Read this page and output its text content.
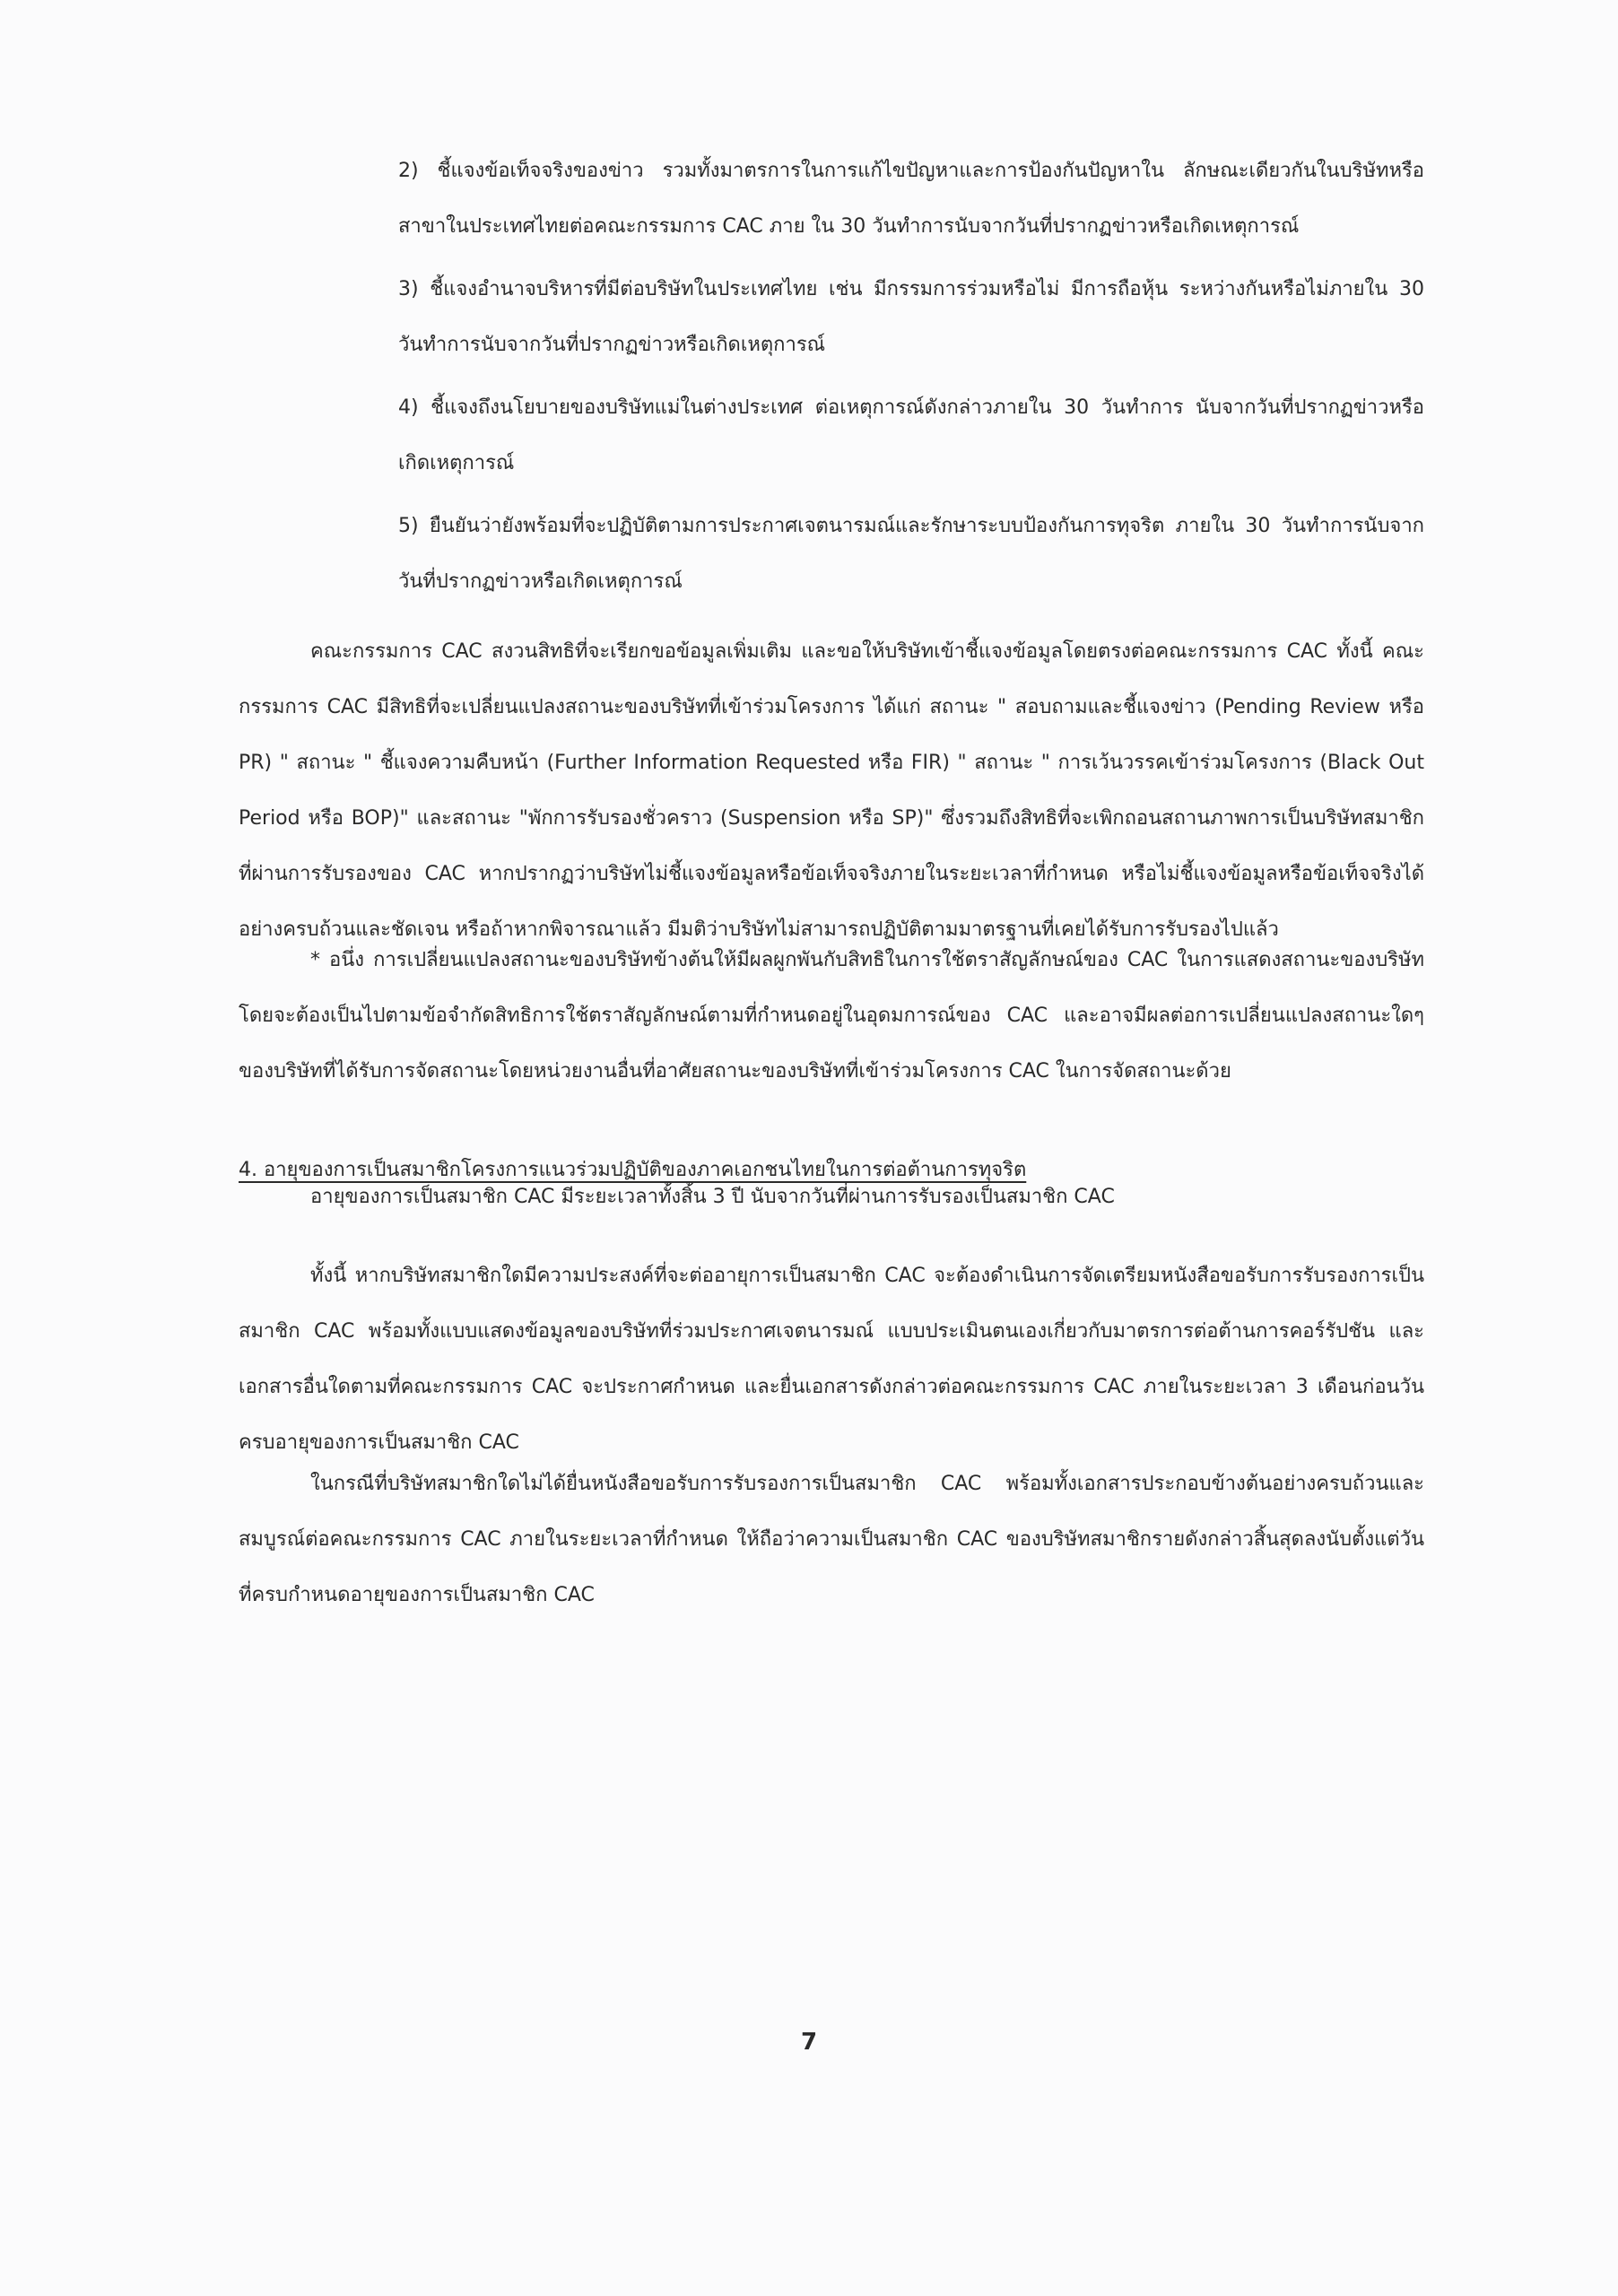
2) ชี้แจงข้อเท็จจริงของข่าว รวมทั้งมาตรการในการแก้ไขปัญหาและการป้องกันปัญหาใน ลักษณะเดียวกันในบริษัทหรือสาขาในประเทศไทยต่อคณะกรรมการ CAC ภาย ใน 30 วันทำการนับจากวันที่ปรากฏข่าวหรือเกิดเหตุการณ์

3) ชี้แจงอำนาจบริหารที่มีต่อบริษัทในประเทศไทย เช่น มีกรรมการร่วมหรือไม่ มีการถือหุ้น ระหว่างกันหรือไม่ภายใน 30 วันทำการนับจากวันที่ปรากฏข่าวหรือเกิดเหตุการณ์

4) ชี้แจงถึงนโยบายของบริษัทแม่ในต่างประเทศ ต่อเหตุการณ์ดังกล่าวภายใน 30 วันทำการ นับจากวันที่ปรากฏข่าวหรือเกิดเหตุการณ์

5) ยืนยันว่ายังพร้อมที่จะปฏิบัติตามการประกาศเจตนารมณ์และรักษาระบบป้องกันการทุจริต ภายใน 30 วันทำการนับจากวันที่ปรากฏข่าวหรือเกิดเหตุการณ์

คณะกรรมการ CAC สงวนสิทธิที่จะเรียกขอข้อมูลเพิ่มเติม และขอให้บริษัทเข้าชี้แจงข้อมูลโดยตรงต่อคณะกรรมการ CAC ทั้งนี้ คณะกรรมการ CAC มีสิทธิที่จะเปลี่ยนแปลงสถานะของบริษัทที่เข้าร่วมโครงการ ได้แก่ สถานะ " สอบถามและชี้แจงข่าว (Pending Review หรือ PR) " สถานะ " ชี้แจงความคืบหน้า (Further Information Requested หรือ FIR) " สถานะ " การเว้นวรรคเข้าร่วมโครงการ (Black Out Period หรือ BOP)" และสถานะ "พักการรับรองชั่วคราว (Suspension หรือ SP)" ซึ่งรวมถึงสิทธิที่จะเพิกถอนสถานภาพการเป็นบริษัทสมาชิกที่ผ่านการรับรองของ CAC หากปรากฏว่าบริษัทไม่ชี้แจงข้อมูลหรือข้อเท็จจริงภายในระยะเวลาที่กำหนด หรือไม่ชี้แจงข้อมูลหรือข้อเท็จจริงได้อย่างครบถ้วนและชัดเจน หรือถ้าหากพิจารณาแล้ว มีมติว่าบริษัทไม่สามารถปฏิบัติตามมาตรฐานที่เคยได้รับการรับรองไปแล้ว

* อนึ่ง การเปลี่ยนแปลงสถานะของบริษัทข้างต้นให้มีผลผูกพันกับสิทธิในการใช้ตราสัญลักษณ์ของ CAC ในการแสดงสถานะของบริษัท โดยจะต้องเป็นไปตามข้อจำกัดสิทธิการใช้ตราสัญลักษณ์ตามที่กำหนดอยู่ในอุดมการณ์ของ CAC และอาจมีผลต่อการเปลี่ยนแปลงสถานะใดๆ ของบริษัทที่ได้รับการจัดสถานะโดยหน่วยงานอื่นที่อาศัยสถานะของบริษัทที่เข้าร่วมโครงการ CAC ในการจัดสถานะด้วย

4. อายุของการเป็นสมาชิกโครงการแนวร่วมปฏิบัติของภาคเอกชนไทยในการต่อต้านการทุจริต

อายุของการเป็นสมาชิก CAC มีระยะเวลาทั้งสิ้น 3 ปี นับจากวันที่ผ่านการรับรองเป็นสมาชิก CAC

ทั้งนี้ หากบริษัทสมาชิกใดมีความประสงค์ที่จะต่ออายุการเป็นสมาชิก CAC จะต้องดำเนินการจัดเตรียมหนังสือขอรับการรับรองการเป็นสมาชิก CAC พร้อมทั้งแบบแสดงข้อมูลของบริษัทที่ร่วมประกาศเจตนารมณ์ แบบประเมินตนเองเกี่ยวกับมาตรการต่อต้านการคอร์รัปชัน และเอกสารอื่นใดตามที่คณะกรรมการ CAC จะประกาศกำหนด และยื่นเอกสารดังกล่าวต่อคณะกรรมการ CAC ภายในระยะเวลา 3 เดือนก่อนวันครบอายุของการเป็นสมาชิก CAC

ในกรณีที่บริษัทสมาชิกใดไม่ได้ยื่นหนังสือขอรับการรับรองการเป็นสมาชิก CAC พร้อมทั้งเอกสารประกอบข้างต้นอย่างครบถ้วนและสมบูรณ์ต่อคณะกรรมการ CAC ภายในระยะเวลาที่กำหนด ให้ถือว่าความเป็นสมาชิก CAC ของบริษัทสมาชิกรายดังกล่าวสิ้นสุดลงนับตั้งแต่วันที่ครบกำหนดอายุของการเป็นสมาชิก CAC

7
